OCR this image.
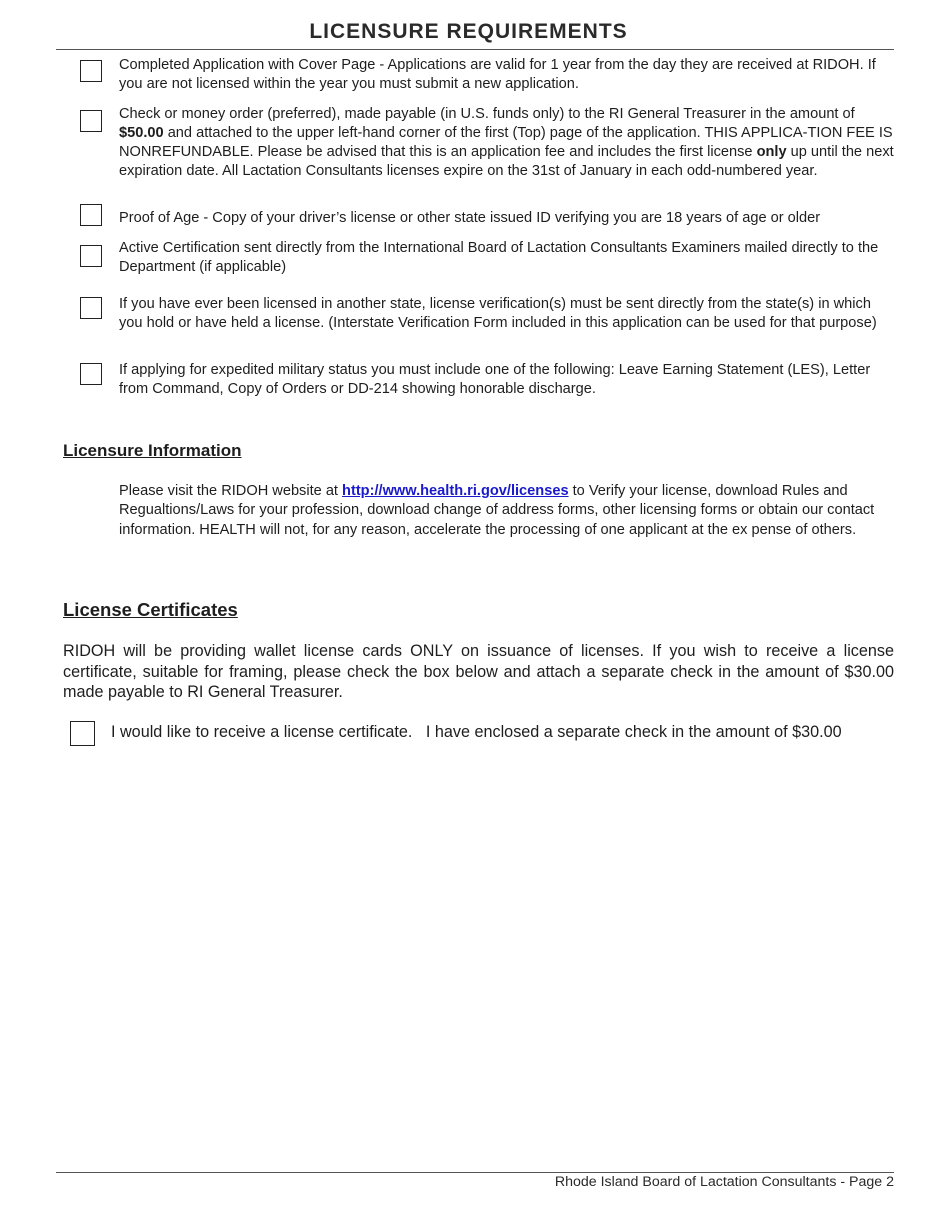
LICENSURE REQUIREMENTS
Completed Application with Cover Page - Applications are valid for 1 year from the day they are received at RIDOH. If you are not licensed within the year you must submit a new application.
Check or money order (preferred), made payable (in U.S. funds only) to the RI General Treasurer in the amount of $50.00 and attached to the upper left-hand corner of the first (Top) page of the application. THIS APPLICA-TION FEE IS NONREFUNDABLE. Please be advised that this is an application fee and includes the first license only up until the next expiration date. All Lactation Consultants licenses expire on the 31st of January in each odd-numbered year.
Proof of Age - Copy of your driver’s license or other state issued ID verifying you are 18 years of age or older
Active Certification sent directly from the International Board of Lactation Consultants Examiners mailed directly to the Department (if applicable)
If you have ever been licensed in another state, license verification(s) must be sent directly from the state(s) in which you hold or have held a license. (Interstate Verification Form included in this application can be used for that purpose)
If applying for expedited military status you must include one of the following: Leave Earning Statement (LES), Letter from Command, Copy of Orders or DD-214 showing honorable discharge.
Licensure Information
Please visit the RIDOH website at http://www.health.ri.gov/licenses to Verify your license, download Rules and Regualtions/Laws for your profession, download change of address forms, other licensing forms or obtain our contact information. HEALTH will not, for any reason, accelerate the processing of one applicant at the ex pense of others.
License Certificates
RIDOH will be providing wallet license cards ONLY on issuance of licenses. If you wish to receive a license certificate, suitable for framing, please check the box below and attach a separate check in the amount of $30.00 made payable to RI General Treasurer.
I would like to receive a license certificate.   I have enclosed a separate check in the amount of $30.00
Rhode Island Board of Lactation Consultants - Page 2
